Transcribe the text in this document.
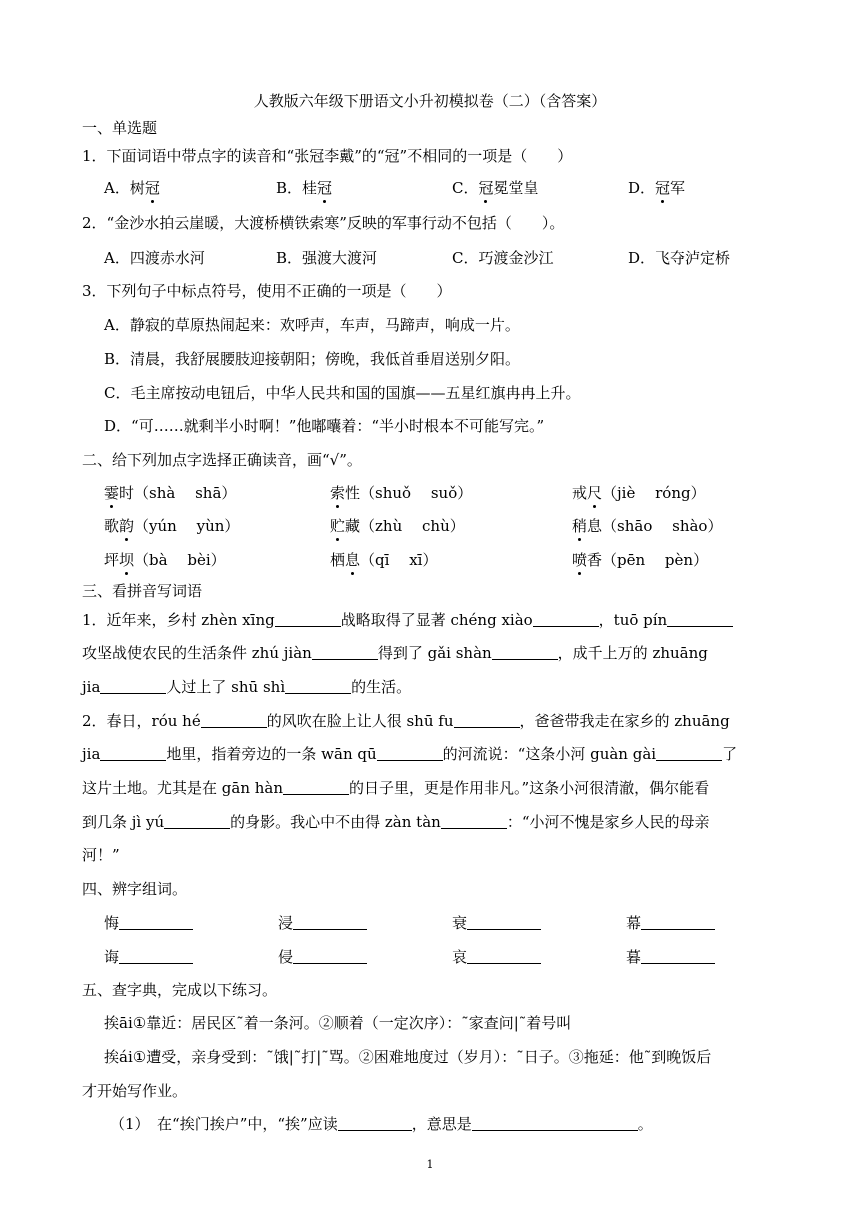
人教版六年级下册语文小升初模拟卷（二）（含答案）
一、单选题
1．下面词语中带点字的读音和“张冠李戴”的“冠”不相同的一项是（　　）
A．树冠	B．桂冠	C．冠冕堂皇	D．冠军
2．“金沙水拍云崖暖，大渡桥横铁索寒”反映的军事行动不包括（　　）。
A．四渡赤水河	B．强渡大渡河	C．巧渡金沙江	D．飞夺泸定桥
3．下列句子中标点符号，使用不正确的一项是（　　）
A．静寂的草原热闹起来：欢呼声，车声，马蹄声，响成一片。
B．清晨，我舒展腰肢迎接朝阳；傍晚，我低首垂眉送别夕阳。
C．毛主席按动电钮后，中华人民共和国的国旗——五星红旗冉冉上升。
D．“可……就剩半小时啊！”他嘟囔着：“半小时根本不可能写完。”
二、给下列加点字选择正确读音，画“√”。
霎时（shà　 shā）	索性（shuǒ　 suǒ）	戒尺（jiè　 róng）
歌韵（yún　 yùn）	贮藏（zhù　 chù）	稍息（shāo　 shào）
坪坝（bà　 bèi）	栖息（qī　 xī）	喷香（pēn　 pèn）
三、看拼音写词语
1．近年来，乡村 zhèn xīng	战略取得了显著 chéng xiào	，tuō pín
攻坚战使农民的生活条件 zhú jiàn	得到了 gǎi shàn	，成千上万的 zhuāng
jia	人过上了 shū shì	的生活。
2．春日，róu hé	的风吹在脸上让人很 shū fu	，爸爸带我走在家乡的 zhuāng
jia	地里，指着旁边的一条 wān qū	的河流说：“这条小河 guàn gài	了
这片土地。尤其是在 gān hàn	的日子里，更是作用非凡。”这条小河很清澈，偶尔能看
到几条 jì yú	的身影。我心中不由得 zàn tàn	：“小河不愧是家乡人民的母亲
河！”
四、辨字组词。
悔	浸	衰	幕
诲	侵	哀	暮
五、查字典，完成以下练习。
挨āi①靠近：居民区˜着一条河。②顺着（一定次序）：˜家查问|˜着号叫
挨ái①遭受，亲身受到：˜饿|˜打|˜骂。②困难地度过（岁月）：˜日子。③拖延：他˜到晚饭后
才开始写作业。
（1）　在“挨门挨户”中，“挨”应读	，意思是	。
1
